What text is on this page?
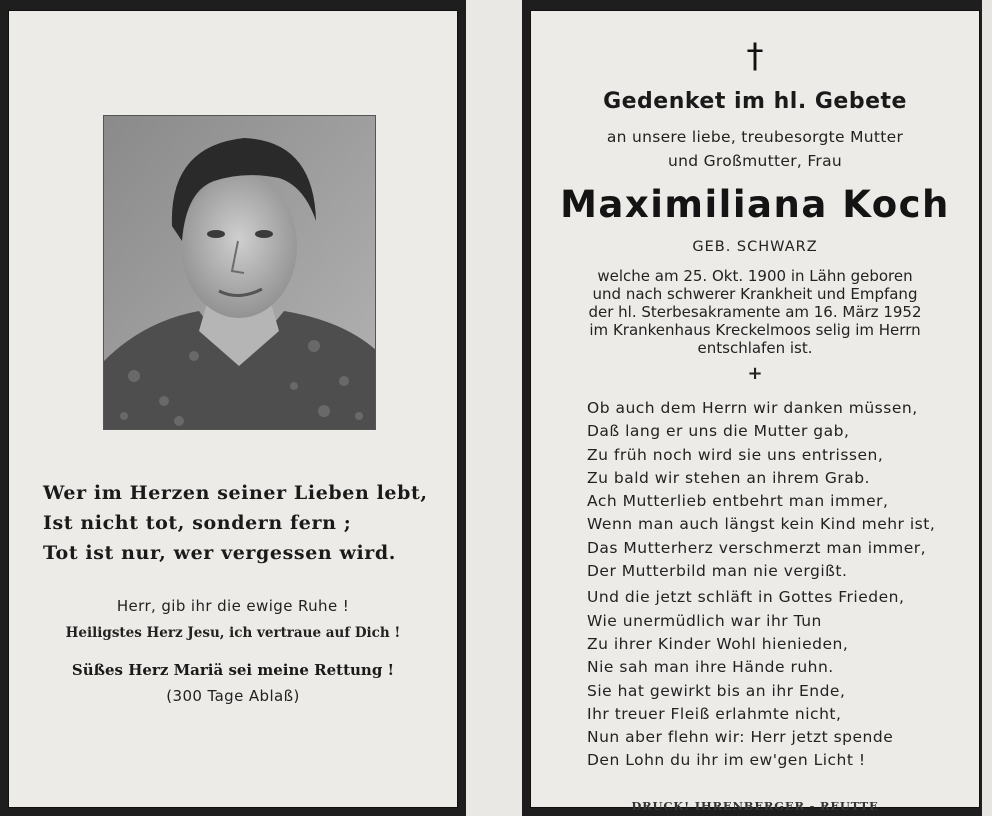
Wer im Herzen seiner Lieben lebt,
Ist nicht tot, sondern fern ;
Tot ist nur, wer vergessen wird.
Herr, gib ihr die ewige Ruhe !
Heiligstes Herz Jesu, ich vertraue auf Dich !
Süßes Herz Mariä sei meine Rettung !
(300 Tage Ablaß)
†
Gedenket im hl. Gebete
an unsere liebe, treubesorgte Mutter
und Großmutter, Frau
Maximiliana Koch
GEB. SCHWARZ
welche am 25. Okt. 1900 in Lähn geboren
und nach schwerer Krankheit und Empfang
der hl. Sterbesakramente am 16. März 1952
im Krankenhaus Kreckelmoos selig im Herrn
entschlafen ist.
+
Ob auch dem Herrn wir danken müssen,
Daß lang er uns die Mutter gab,
Zu früh noch wird sie uns entrissen,
Zu bald wir stehen an ihrem Grab.
Ach Mutterlieb entbehrt man immer,
Wenn man auch längst kein Kind mehr ist,
Das Mutterherz verschmerzt man immer,
Der Mutterbild man nie vergißt.
Und die jetzt schläft in Gottes Frieden,
Wie unermüdlich war ihr Tun
Zu ihrer Kinder Wohl hienieden,
Nie sah man ihre Hände ruhn.
Sie hat gewirkt bis an ihr Ende,
Ihr treuer Fleiß erlahmte nicht,
Nun aber flehn wir: Herr jetzt spende
Den Lohn du ihr im ew'gen Licht !
DRUCK! IHRENBERGER - REUTTE
